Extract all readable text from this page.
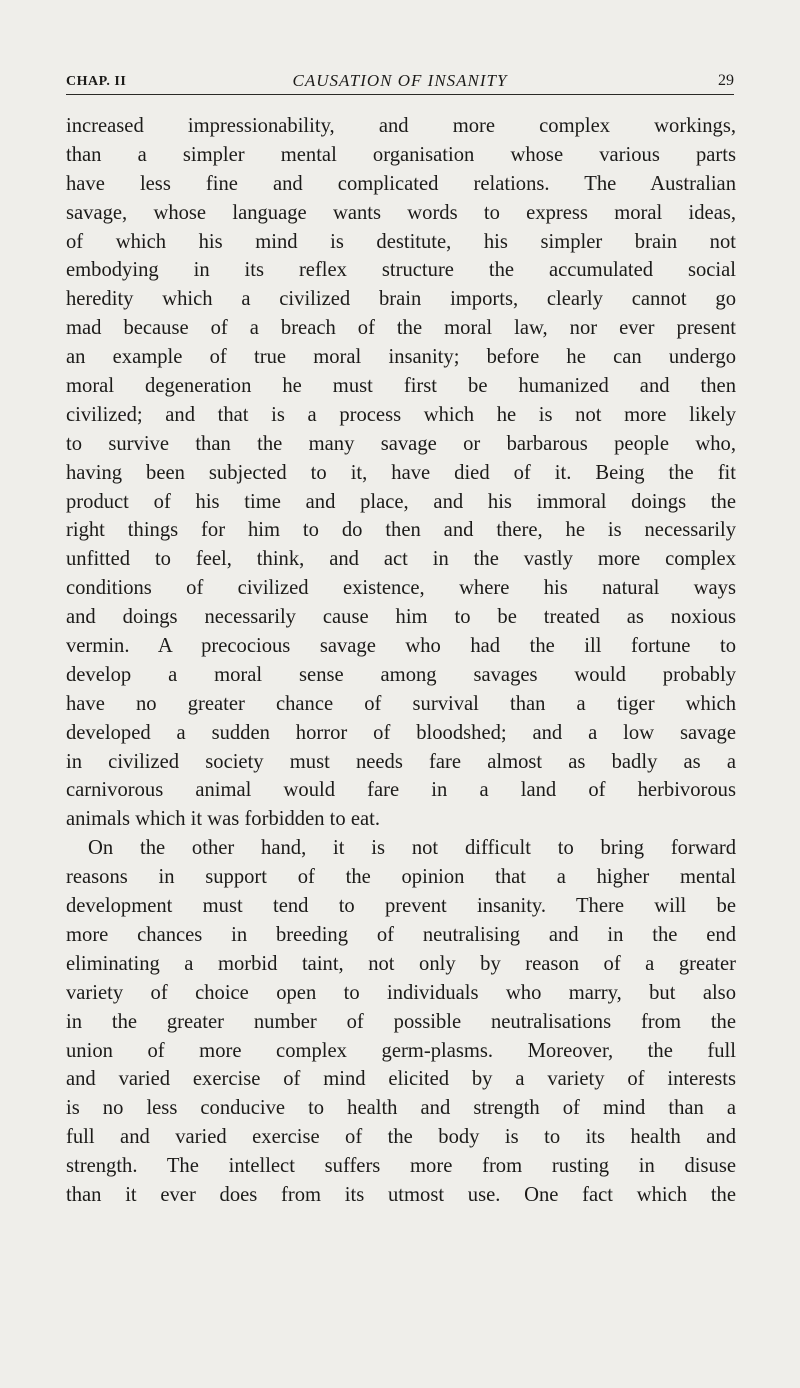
CHAP. II	CAUSATION OF INSANITY	29
increased impressionability, and more complex workings,
than a simpler mental organisation whose various parts
have less fine and complicated relations. The Australian
savage, whose language wants words to express moral ideas,
of which his mind is destitute, his simpler brain not
embodying in its reflex structure the accumulated social
heredity which a civilized brain imports, clearly cannot go
mad because of a breach of the moral law, nor ever present
an example of true moral insanity; before he can undergo
moral degeneration he must first be humanized and then
civilized; and that is a process which he is not more likely
to survive than the many savage or barbarous people who,
having been subjected to it, have died of it. Being the fit
product of his time and place, and his immoral doings the
right things for him to do then and there, he is necessarily
unfitted to feel, think, and act in the vastly more complex
conditions of civilized existence, where his natural ways
and doings necessarily cause him to be treated as noxious
vermin. A precocious savage who had the ill fortune to
develop a moral sense among savages would probably
have no greater chance of survival than a tiger which
developed a sudden horror of bloodshed; and a low savage
in civilized society must needs fare almost as badly as a
carnivorous animal would fare in a land of herbivorous
animals which it was forbidden to eat.
On the other hand, it is not difficult to bring forward
reasons in support of the opinion that a higher mental
development must tend to prevent insanity. There will be
more chances in breeding of neutralising and in the end
eliminating a morbid taint, not only by reason of a greater
variety of choice open to individuals who marry, but also
in the greater number of possible neutralisations from the
union of more complex germ-plasms. Moreover, the full
and varied exercise of mind elicited by a variety of interests
is no less conducive to health and strength of mind than a
full and varied exercise of the body is to its health and
strength. The intellect suffers more from rusting in disuse
than it ever does from its utmost use. One fact which the
